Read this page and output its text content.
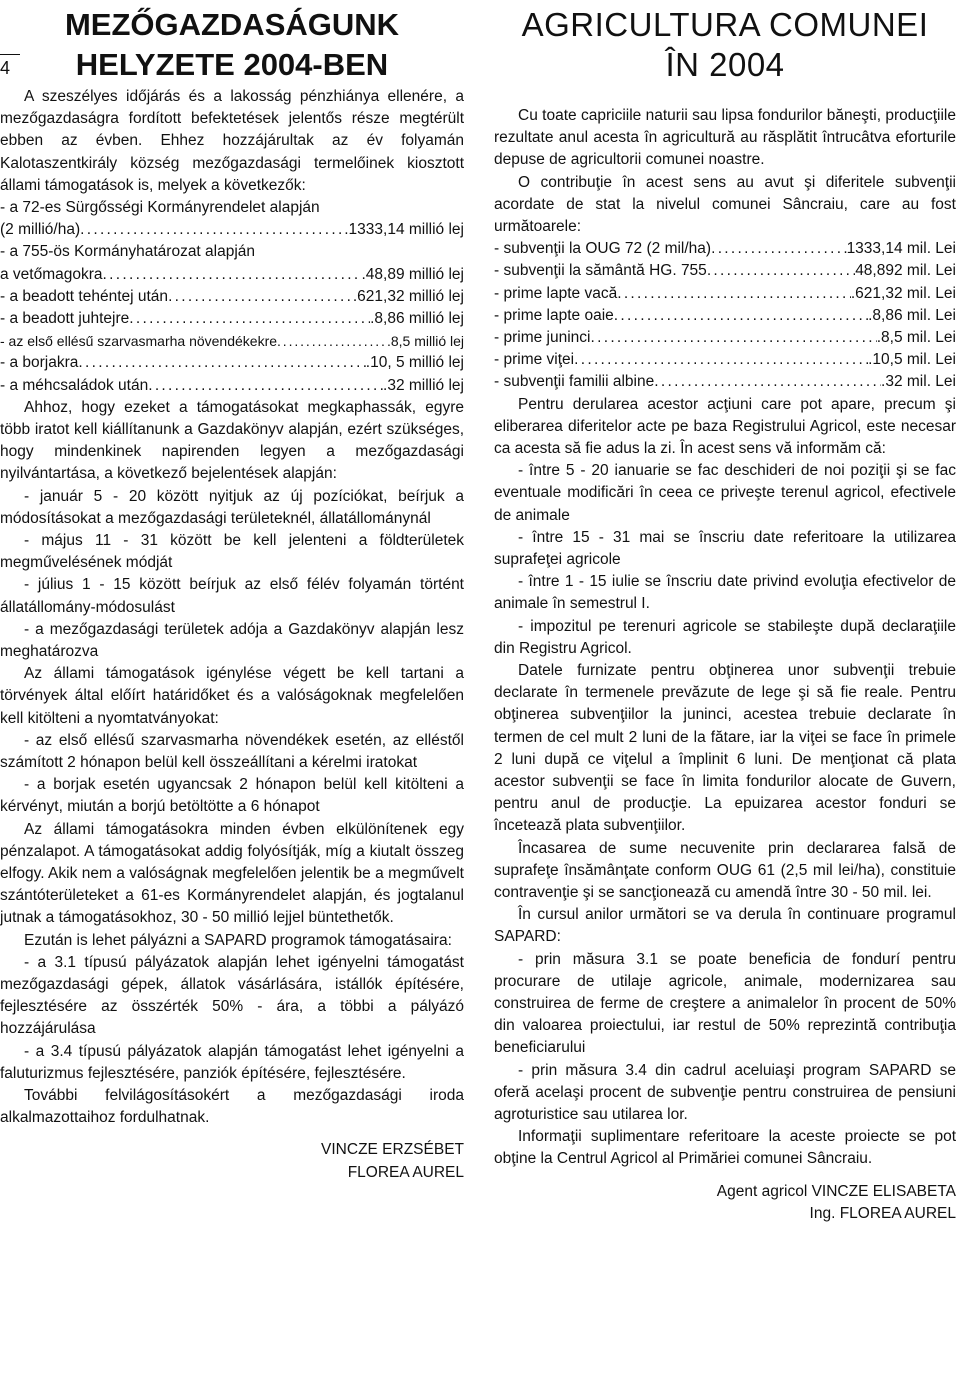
MEZŐGAZDASÁGUNK
HELYZETE 2004-BEN

A szeszélyes időjárás és a lakosság pénzhiánya ellenére, a mezőgazdaságra fordított befektetések jelentős része megtérült ebben az évben. Ehhez hozzájárultak az év folyamán Kalotaszentkirály község mezőgazdasági termelőinek kiosztott állami támogatások is, melyek a következők:

- a 72-es Sürgősségi Kormányrendelet alapján

(2 millió/ha) . . .	.1333,14 millió lej

- a 755-ös Kormányhatározat alapján

a vetőmagokra . . .	.48,89 millió lej
- a beadott tehéntej után . . .	.621,32 millió lej
- a beadott juhtejre . . .	.8,86 millió lej
- az első ellésű szarvasmarha növendékekre . . .	.8,5 millió lej
- a borjakra . . .	.10, 5 millió lej
- a méhcsaládok után . . .	.32 millió lej

Ahhoz, hogy ezeket a támogatásokat megkaphassák, egyre több iratot kell kiállítanunk a Gazdakönyv alapján, ezért szükséges, hogy mindenkinek napirenden legyen a mezőgazdasági nyilvántartása, a következő bejelentések alapján:

- január 5 - 20 között nyitjuk az új pozíciókat, beírjuk a módosításokat a mezőgazdasági területeknél, állatállománynál

- május 11 - 31 között be kell jelenteni a földterületek megművelésének módját

- július 1 - 15 között beírjuk az első félév folyamán történt állatállomány-módosulást

- a mezőgazdasági területek adója a Gazdakönyv alapján lesz meghatározva

Az állami támogatások igénylése végett be kell tartani a törvények által előírt határidőket és a valóságoknak megfelelően kell kitölteni a nyomtatványokat:

- az első ellésű szarvasmarha növendékek esetén, az elléstől számított 2 hónapon belül kell összeállítani a kérelmi iratokat

- a borjak esetén ugyancsak 2 hónapon belül kell kitölteni a kérvényt, miután a borjú betöltötte a 6 hónapot

Az állami támogatásokra minden évben elkülönítenek egy pénzalapot. A támogatásokat addig folyósítják, míg a kiutalt összeg elfogy. Akik nem a valóságnak megfelelően jelentik be a megművelt szántóterületeket a 61-es Kormányrendelet alapján, és jogtalanul jutnak a támogatásokhoz, 30 - 50 millió lejjel büntethetők.

Ezután is lehet pályázni a SAPARD programok támogatásaira:

- a 3.1 típusú pályázatok alapján lehet igényelni támogatást mezőgazdasági gépek, állatok vásárlására, istállók építésére, fejlesztésére az összérték 50% - ára, a többi a pályázó hozzájárulása

- a 3.4 típusú pályázatok alapján támogatást lehet igényelni a faluturizmus fejlesztésére, panziók építésére, fejlesztésére.

További felvilágosításokért a mezőgazdasági iroda alkalmazottaihoz fordulhatnak.

VINCZE ERZSÉBET

FLOREA AUREL

4
AGRICULTURA COMUNEI
ÎN 2004

Cu toate capriciile naturii sau lipsa fondurilor băneşti, producţiile rezultate anul acesta în agricultură au răsplătit întrucâtva eforturile depuse de agricultorii comunei noastre.

O contribuţie în acest sens au avut şi diferitele subvenţii acordate de stat la nivelul comunei Sâncraiu, care au fost următoarele:

- subvenţii la OUG 72 (2 mil/ha) . . .	1333,14 mil. Lei
- subvenţii la sământă HG. 755 . . .	48,892 mil. Lei
- prime lapte vacă . . .	.621,32 mil. Lei
- prime lapte oaie . . .	.8,86 mil. Lei
- prime juninci . . .	.8,5 mil. Lei
- prime viţei . . .	.10,5 mil. Lei
- subvenţii familii albine . . .	.32 mil. Lei

Pentru derularea acestor acţiuni care pot apare, precum şi eliberarea diferitelor acte pe baza Registrului Agricol, este necesar ca acesta să fie adus la zi. În acest sens vă informăm că:

- între 5 - 20 ianuarie se fac deschideri de noi poziţii şi se fac eventuale modificări în ceea ce priveşte terenul agricol, efectivele de animale

- între 15 - 31 mai se înscriu date referitoare la utilizarea suprafeţei agricole

- între 1 - 15 iulie se înscriu date privind evoluţia efectivelor de animale în semestrul I.

- impozitul pe terenuri agricole se stabileşte după declaraţiile din Registru Agricol.

Datele furnizate pentru obţinerea unor subvenţii trebuie declarate în termenele prevăzute de lege şi să fie reale. Pentru obţinerea subvenţiilor la juninci, acestea trebuie declarate în termen de cel mult 2 luni de la fătare, iar la viţei se face în primele 2 luni după ce viţelul a împlinit 6 luni. De menţionat că plata acestor subvenţii se face în limita fondurilor alocate de Guvern, pentru anul de producţie. La epuizarea acestor fonduri se încetează plata subvenţiilor.

Încasarea de sume necuvenite prin declararea falsă de suprafeţe însămânţate conform OUG 61 (2,5 mil lei/ha), constituie contravenţie şi se sancţionează cu amendă între 30 - 50 mil. lei.

În cursul anilor următori se va derula în continuare programul SAPARD:

- prin măsura 3.1 se poate beneficia de fondurí pentru procurare de utilaje agricole, animale, modernizarea sau construirea de ferme de creştere a animalelor în procent de 50% din valoarea proiectului, iar restul de 50% reprezintă contribuţia beneficiarului

- prin măsura 3.4 din cadrul aceluiaşi program SAPARD se oferă acelaşi procent de subvenţie pentru construirea de pensiuni agroturistice sau utilarea lor.

Informaţii suplimentare referitoare la aceste proiecte se pot obţine la Centrul Agricol al Primăriei comunei Sâncraiu.

Agent agricol VINCZE ELISABETA

Ing. FLOREA AUREL
